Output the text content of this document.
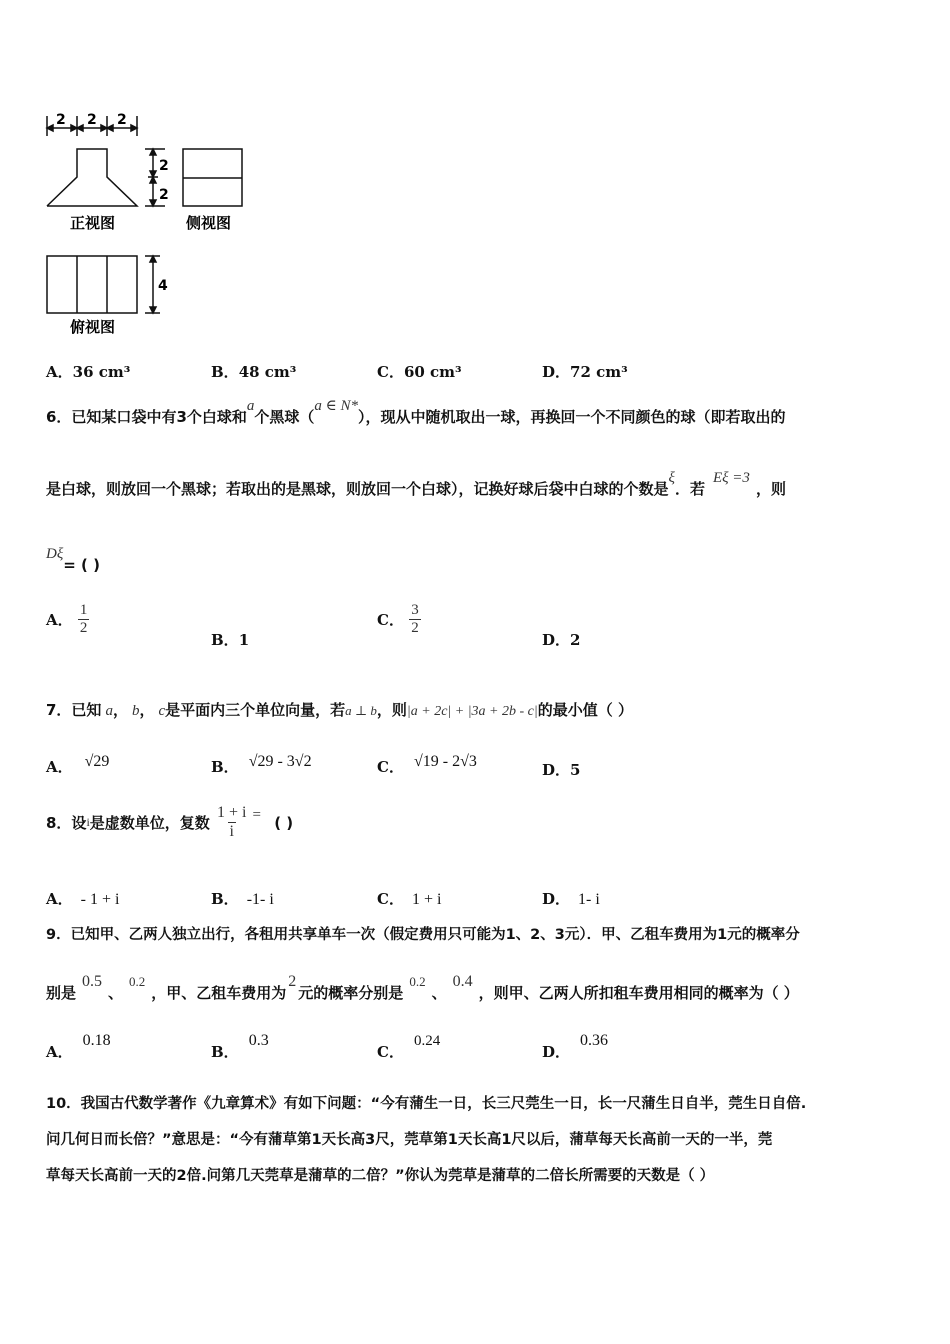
2 2 2
2
2
正视图	侧视图
4
俯视图
A．36 cm³	B．48 cm³	C．60 cm³	D．72 cm³
6．已知某口袋中有3个白球和a个黑球（a ∈ N*），现从中随机取出一球，再换回一个不同颜色的球（即若取出的
是白球，则放回一个黑球；若取出的是黑球，则放回一个白球），记换好球后袋中白球的个数是ξ．若Eξ =3，则
Dξ= ( )
A． $\frac{1}{2}$
B．1
C． $\frac{3}{2}$
D．2
7．已知 a， b， c是平面内三个单位向量，若a ⊥ b，则|a + 2c| + |3a + 2b - c|的最小值（ ）
A． √29	B． √29 - 3√2	C． √19 - 2√3	D．5
8．设i是虚数单位，复数 $\frac{1 + i}{i}$ = ( )
A． - 1 + i	B． -1- i	C． 1 + i	D． 1- i
9．已知甲、乙两人独立出行，各租用共享单车一次（假定费用只可能为1、2、3元）．甲、乙租车费用为1元的概率分
别是0.5、0.2，甲、乙租车费用为2元的概率分别是0.2、0.4，则甲、乙两人所扣租车费用相同的概率为（ ）
A．0.18
B．0.3
C．0.24
D．0.36
10．我国古代数学著作《九章算术》有如下问题：“今有蒲生一日，长三尺莞生一日，长一尺蒲生日自半，莞生日自倍.
问几何日而长倍？”意思是：“今有蒲草第1天长高3尺，莞草第1天长高1尺以后，蒲草每天长高前一天的一半，莞
草每天长高前一天的2倍.问第几天莞草是蒲草的二倍？”你认为莞草是蒲草的二倍长所需要的天数是（ ）
